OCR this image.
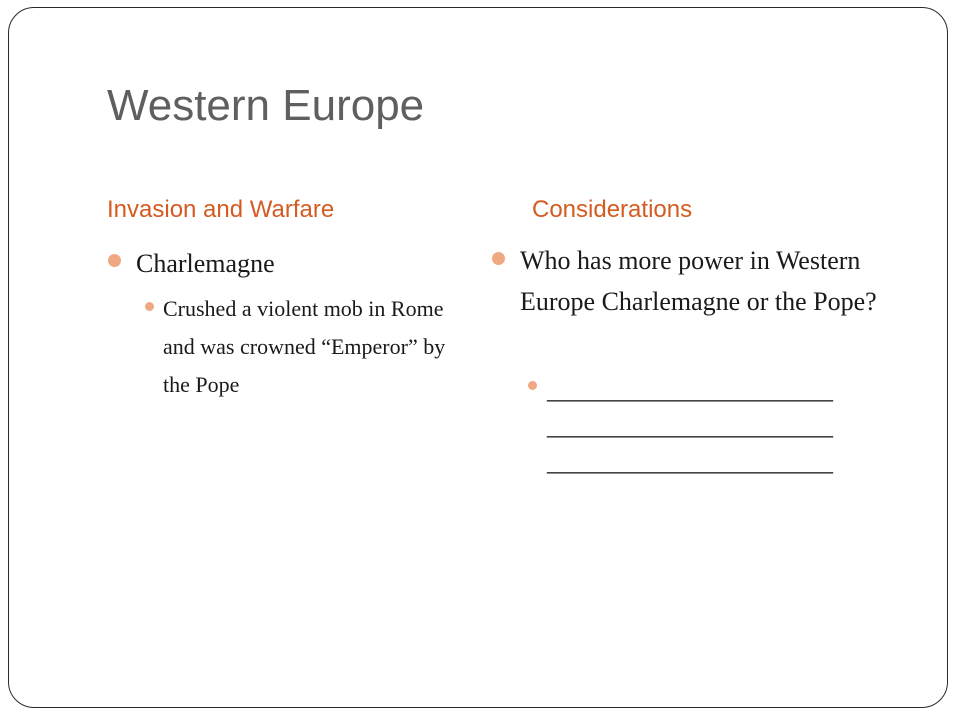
Western Europe
Invasion and Warfare	Considerations

Charlemagne

Crushed a violent mob in Rome and was crowned “Emperor” by the Pope

Who has more power in Western Europe Charlemagne or the Pope?

______________________
______________________
______________________
